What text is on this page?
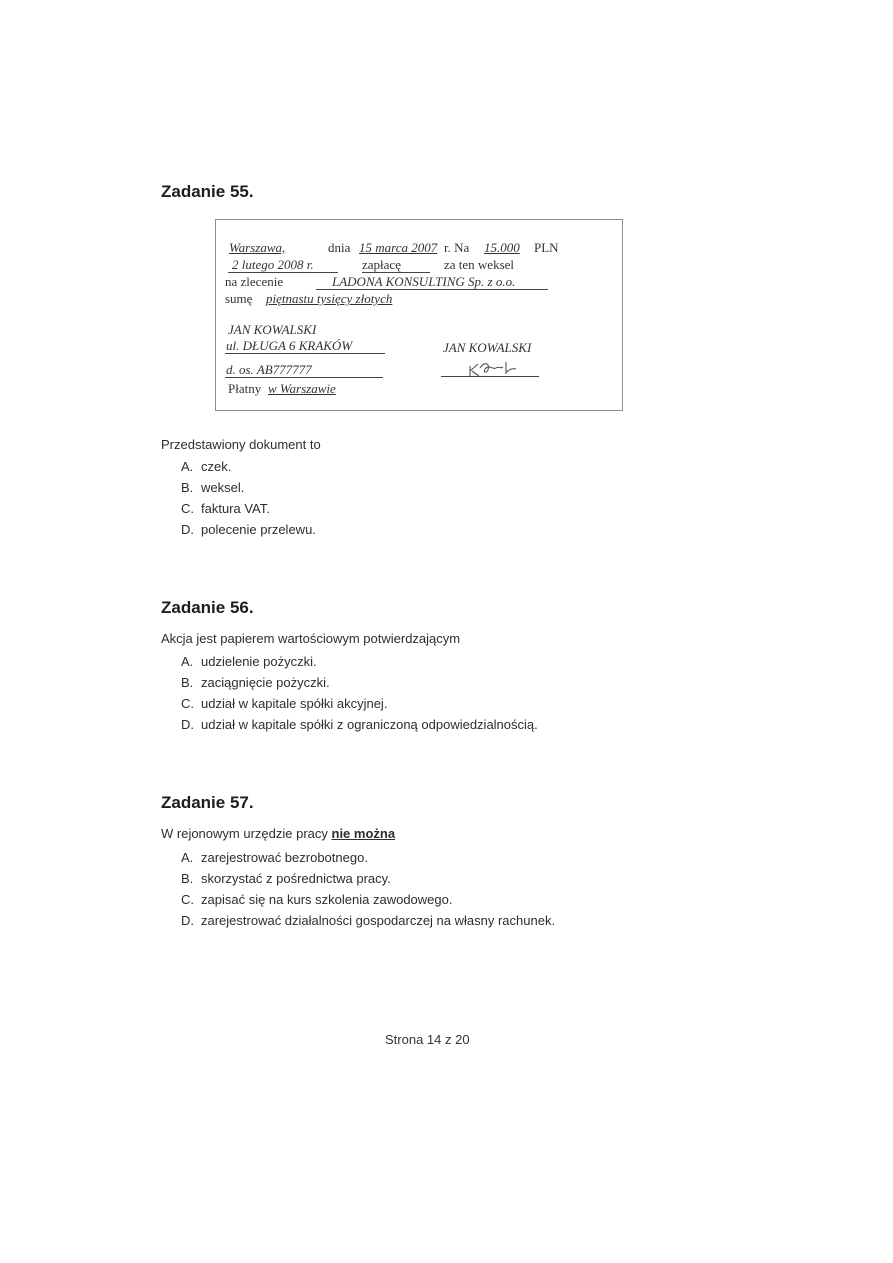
Zadanie 55.
Warszawa,	dnia 15 marca 2007 r. Na 15.000 PLN
2 lutego 2008 r.	zapłacę	za ten weksel
na zlecenie	LADONA KONSULTING Sp. z o.o.
sumę piętnastu tysięcy złotych
JAN KOWALSKI
ul. DŁUGA 6 KRAKÓW
d. os. AB777777
Płatny w Warszawie
JAN KOWALSKI
Przedstawiony dokument to
A. czek.
B. weksel.
C. faktura VAT.
D. polecenie przelewu.
Zadanie 56.
Akcja jest papierem wartościowym potwierdzającym
A. udzielenie pożyczki.
B. zaciągnięcie pożyczki.
C. udział w kapitale spółki akcyjnej.
D. udział w kapitale spółki z ograniczoną odpowiedzialnością.
Zadanie 57.
W rejonowym urzędzie pracy nie można
A. zarejestrować bezrobotnego.
B. skorzystać z pośrednictwa pracy.
C. zapisać się na kurs szkolenia zawodowego.
D. zarejestrować działalności gospodarczej na własny rachunek.
Strona 14 z 20
